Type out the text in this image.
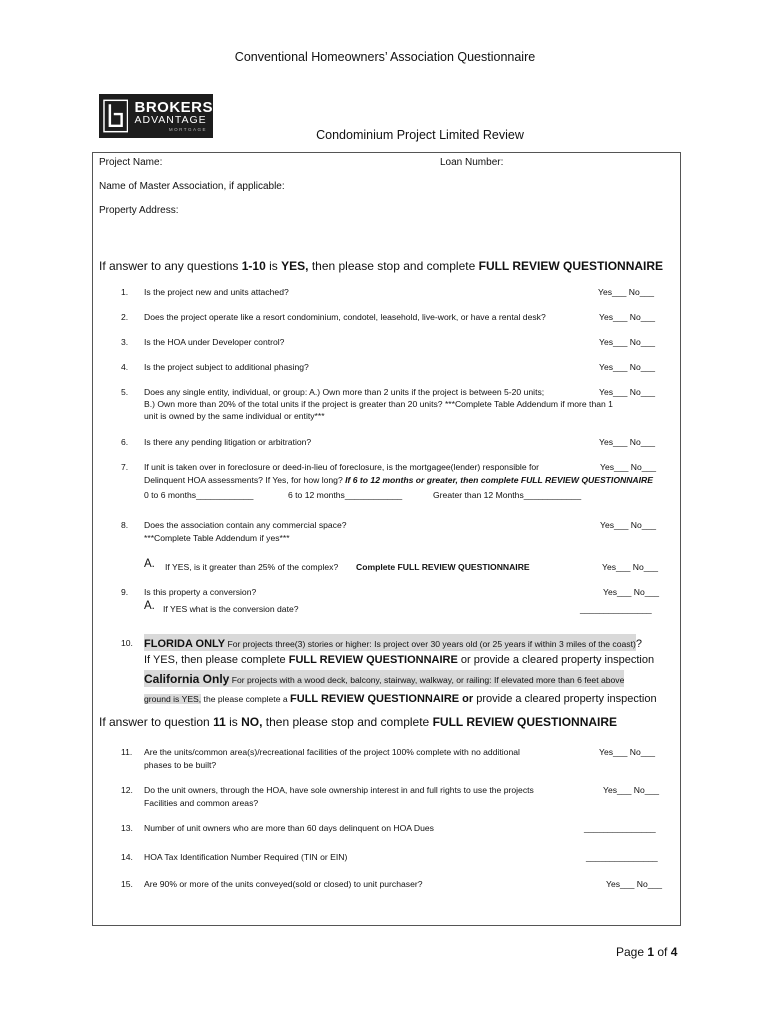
Conventional Homeowners’ Association Questionnaire
BROKERS
ADVANTAGE
MORTGAGE	Condominium Project Limited Review
Project Name:	Loan Number:
Name of Master Association, if applicable:
Property Address:
If answer to any questions 1-10 is YES, then please stop and complete FULL REVIEW QUESTIONNAIRE
1. Is the project new and units attached?	Yes___ No___
2. Does the project operate like a resort condominium, condotel, leasehold, live-work, or have a rental desk?	Yes___ No___
3. Is the HOA under Developer control?	Yes___ No___
4. Is the project subject to additional phasing?	Yes___ No___
5. Does any single entity, individual, or group: A.) Own more than 2 units if the project is between 5-20 units;	Yes___ No___
B.) Own more than 20% of the total units if the project is greater than 20 units? ***Complete Table Addendum if more than 1
unit is owned by the same individual or entity***
6. Is there any pending litigation or arbitration?	Yes___ No___
7. If unit is taken over in foreclosure or deed-in-lieu of foreclosure, is the mortgagee(lender) responsible for	Yes___ No___
Delinquent HOA assessments? If Yes, for how long? If 6 to 12 months or greater, then complete FULL REVIEW QUESTIONNAIRE
0 to 6 months____________	6 to 12 months____________	Greater than 12 Months____________
8. Does the association contain any commercial space?	Yes___ No___
***Complete Table Addendum if yes***
A. If YES, is it greater than 25% of the complex? Complete FULL REVIEW QUESTIONNAIRE	Yes___ No___
9. Is this property a conversion?	Yes___ No___
A. If YES what is the conversion date?	_______________
10. FLORIDA ONLY For projects three(3) stories or higher: Is project over 30 years old (or 25 years if within 3 miles of the coast)?
If YES, then please complete FULL REVIEW QUESTIONNAIRE or provide a cleared property inspection
California Only For projects with a wood deck, balcony, stairway, walkway, or railing: If elevated more than 6 feet above
ground is YES, the please complete a FULL REVIEW QUESTIONNAIRE or provide a cleared property inspection
If answer to question 11 is NO, then please stop and complete FULL REVIEW QUESTIONNAIRE
11. Are the units/common area(s)/recreational facilities of the project 100% complete with no additional	Yes___ No___
phases to be built?
12. Do the unit owners, through the HOA, have sole ownership interest in and full rights to use the projects	Yes___ No___
Facilities and common areas?
13. Number of unit owners who are more than 60 days delinquent on HOA Dues	_______________
14. HOA Tax Identification Number Required (TIN or EIN)	_______________
15. Are 90% or more of the units conveyed(sold or closed) to unit purchaser?	Yes___ No___
Page 1 of 4
